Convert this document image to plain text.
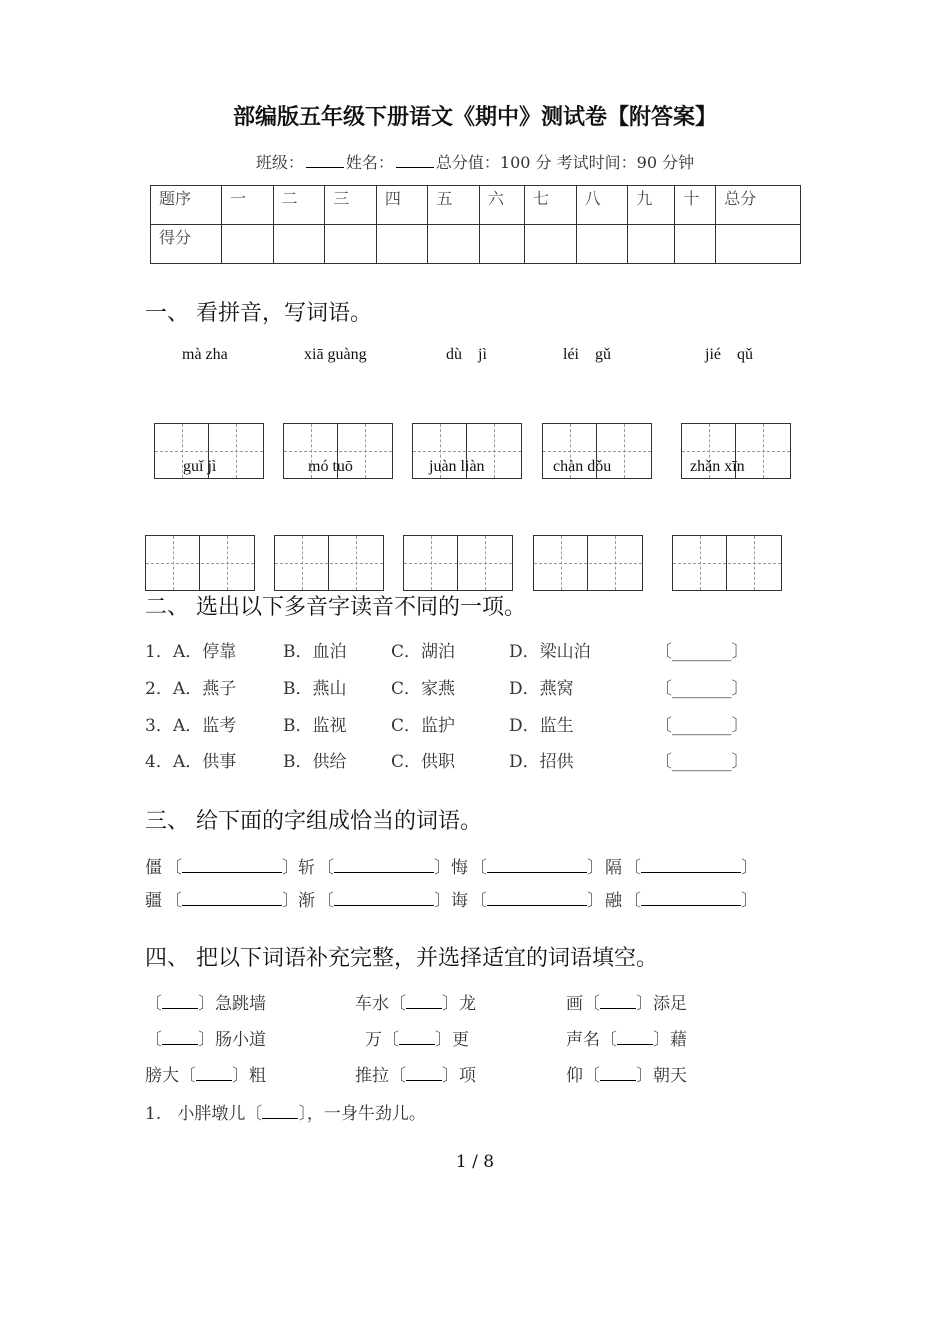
部编版五年级下册语文《期中》测试卷【附答案】
班级：	姓名：	总分值：100 分 考试时间：90 分钟
题序	一	二	三	四	五	六	七	八	九	十	总分
得分											
一、 看拼音，写词语。
mà zha	xiā guàng	dù    jì	léi    gǔ	jié    qǔ
guǐ jì	mó tuō	juàn liàn	chàn dǒu	zhǎn xīn
二、 选出以下多音字读音不同的一项。
1． A．停靠	B．血泊	C．湖泊	D．梁山泊	〔_______〕
2． A．燕子	B．燕山	C．家燕	D．燕窝	〔_______〕
3． A．监考	B．监视	C．监护	D．监生	〔_______〕
4． A．供事	B．供给	C．供职	D．招供	〔_______〕
三、 给下面的字组成恰当的词语。
僵 〔	〕 斩 〔	〕 悔 〔	〕 隔 〔	〕
疆 〔	〕 渐 〔	〕 诲 〔	〕 融 〔	〕
四、 把以下词语补充完整，并选择适宜的词语填空。
〔 〕急跳墙	车水〔 〕龙	画〔 〕添足
〔 〕肠小道	万〔 〕更	声名〔 〕藉
膀大〔 〕粗	推拉〔 〕项	仰〔 〕朝天
1.   小胖墩儿〔 〕，一身牛劲儿。
1 / 8
